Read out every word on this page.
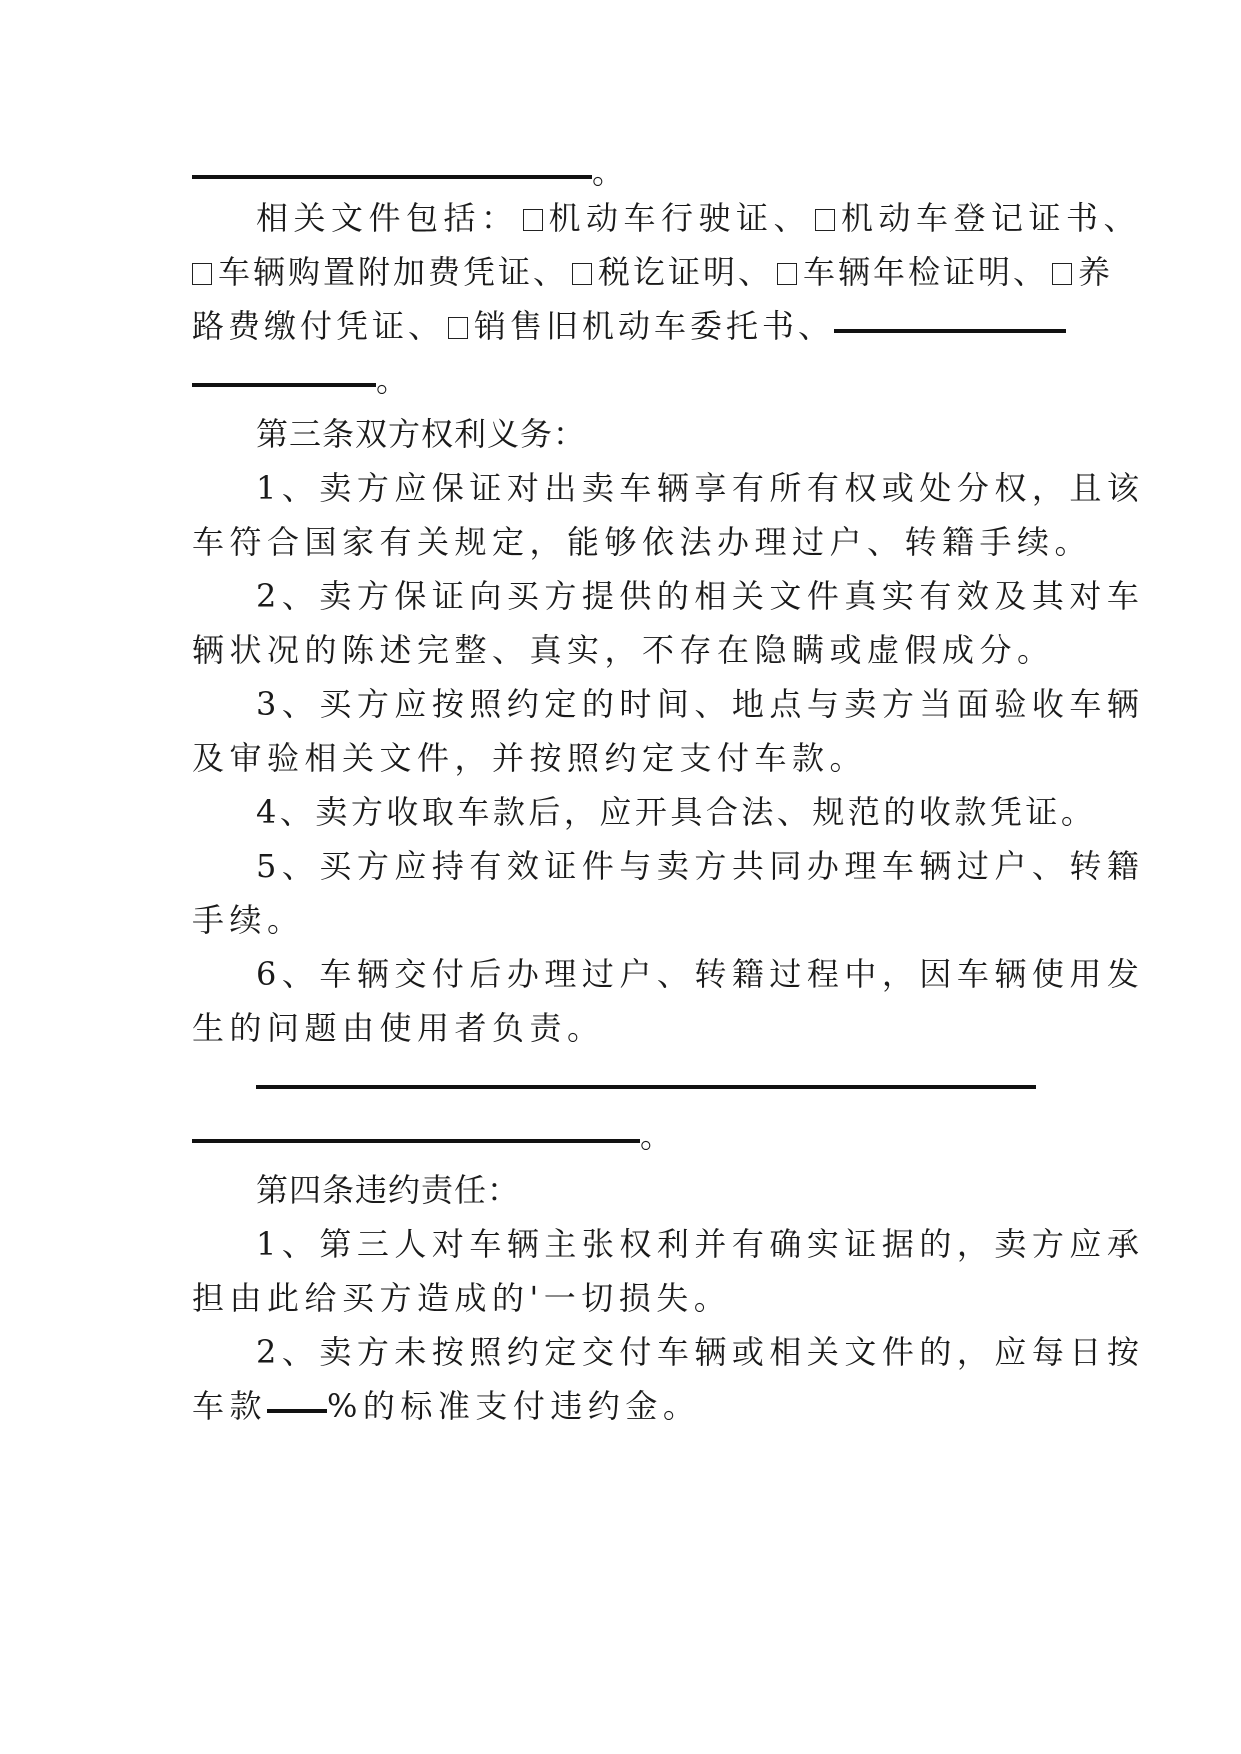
。
相关文件包括： 机动车行驶证、 机动车登记证书、
车辆购置附加费凭证、 税讫证明、 车辆年检证明、 养
路费缴付凭证、 销售旧机动车委托书、
。
第三条双方权利义务：
1、卖方应保证对出卖车辆享有所有权或处分权，且该
车符合国家有关规定，能够依法办理过户、转籍手续。
2、卖方保证向买方提供的相关文件真实有效及其对车
辆状况的陈述完整、真实，不存在隐瞒或虚假成分。
3、买方应按照约定的时间、地点与卖方当面验收车辆
及审验相关文件，并按照约定支付车款。
4、卖方收取车款后，应开具合法、规范的收款凭证。
5、买方应持有效证件与卖方共同办理车辆过户、转籍
手续。
6、车辆交付后办理过户、转籍过程中，因车辆使用发
生的问题由使用者负责。
。
第四条违约责任：
1、第三人对车辆主张权利并有确实证据的，卖方应承
担由此给买方造成的'一切损失。
2、卖方未按照约定交付车辆或相关文件的，应每日按
车款 %的标准支付违约金。
